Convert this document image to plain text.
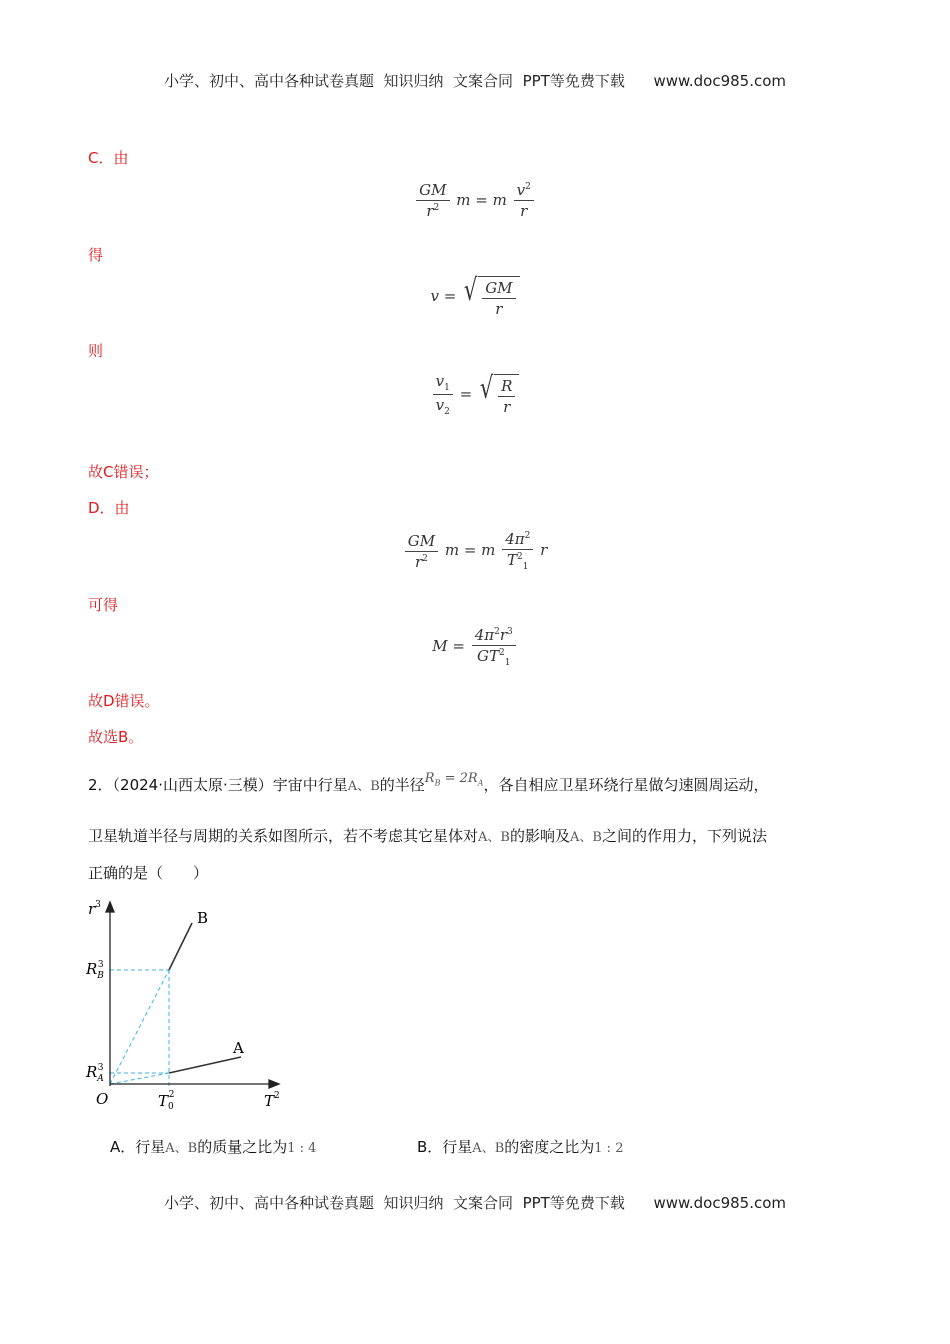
小学、初中、高中各种试卷真题  知识归纳  文案合同  PPT等免费下载      www.doc985.com
C．由
$\frac{GM}{r^2}$ m = m $\frac{v^2}{r}$
得
v = √ $\frac{GM}{r}$
则
$\frac{v_1}{v_2}$ = √ $\frac{R}{r}$
故C错误；
D．由
$\frac{GM}{r^2}$ m = m $\frac{4\pi^2}{T^2_1}$ r
可得
$M = \frac{4\pi^2r^3}{GT^2_1}$
故D错误。
故选B。
2．（2024·山西太原·三模）宇宙中行星A、B的半径$R_B = 2R_A$，各自相应卫星环绕行星做匀速圆周运动，
卫星轨道半径与周期的关系如图所示，若不考虑其它星体对A、B的影响及A、B之间的作用力，下列说法
正确的是（　　）
$r^3$
B
A
$R_B3$
$R_A3$
O	$T_02$	$T^2$
A．行星A、B的质量之比为1 : 4	B．行星A、B的密度之比为1 : 2
小学、初中、高中各种试卷真题  知识归纳  文案合同  PPT等免费下载      www.doc985.com
